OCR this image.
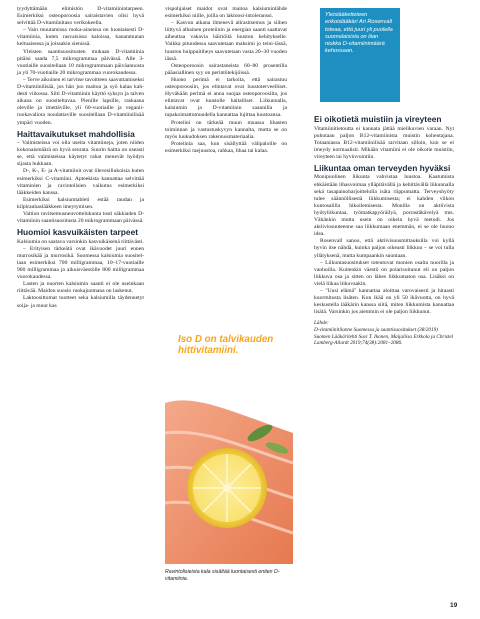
tyydyttämään elimistön D-vitamiinintarpeen. Esimerkiksi osteoporoosia sairaistavien olisi hyvä selvittää D-vitamiinitaso verikokeella.

– Vain muutamissa ruoka-aineissa on luontaisesti D-vitamiinia, kuten rasvaisissa kaloissa, kananmunan keltuaisessa ja joissakin sienissä.

Yleisten saantisuositusten mukaan D-vitamiinia pitäisi saada 7,5 mikrogrammaa päivässä. Alle 3-vuotiaille suositellaan 10 mikrogrammaan päiväannosta ja yli 70-vuotiaille 20 mikrogrammaa vuorokaudessa.

– Terve aikuinen ei tarvitse tavoitteen saavuttamiseksi D-vitamiinilisää, jos hän juo maitoa ja syö kalaa kahdesti viikossa. Silti D-vitamiinin käyttö syksyn ja talven aikana on suositeltavaa. Pienille lapsille, raskaana oleville ja imettäville, yli 60-vuotiaille ja veganiiruokavaliota noudattaville suositellaan D-vitamiinilisää ympäri vuoden.

Haittavaikutukset mahdollisia

– Valmisteissa voi olla useita vitamiineja, joten niiden kokonaismäärä on hyvä seurata. Suurin haitta on useasti se, että valmisteissa käytetyt rahat menevät hyödyn sijasta hukkaan.

D-, K-, E- ja A-vitamiinit ovat ölevesiliukoisia kuten esimerkiksi C-vitamiini. Apteekista kannattaa selvittää vitaminien ja ravintolisien vaikutus esimerkiksi lääkkeiden kanssa.

Esimerkiksi kalsiumtableti estää raudan ja kilpirauhaslääkkeen imeytymisen.

Valtion ravitsemusneuvottelukunta tosti säkkiaden D-vitamiinin saantisuositusta 20 mikrogrammaan päivässä.

Huomioi kasvuikäisten tarpeet

Kalsiumia on saatava varsinkin kasvuikäisenä riittävästi.

– Erityisen tärkeätä ovat ikävuodet juuri ennen murrosikää ja murrosikä. Suomessa kalsiumia suositellaan esimerkiksi 700 milligrammaa, 10–17-vuotiaille 900 milligrammaa ja aikuisväestölle 800 milligrammaa vuorokaudessa.

Lasten ja nuorten kalsiumin saanti ei ole useinkaan riittävää. Maidon suosio ruokajuomana on laskenut.

Laktoosittomat tuotteet seka kalsiumilla täydennetyt soija- ja muut kas

vispohjaiset maidot ovat maitoa kalsiuminlähde esimerkiksi niille, joilla on laktoosi-intoleranssi.

– Kasvun aikana ilmenevä alirasitsemus ja siihen liittyvä alhainen proteiinin ja energian saanti saattavat aiheuttaa vakavia häiriöitä luuston kehitykselle. Vaikka pituudessa saavutetaan maksimi jo teini-iässä, luuston huippuitiheys saavutetaan vasta 20–30 vuoden iässä.

Osteoporoosin sairastaneista 60–80 prosentilla pääasiallinen syy on perintötekijöissä.

Huono perimä ei tarkoita, että sairastuu osteoporoosiin, jos elintavat ovat luustoterveelliset. Hyväkään perimä ei anna suojaa osteoporoosilta, jos elintavat ovat luustolle haitalliset. Liikunnalla, kalsiumin ja D-vitamiinin saannilla ja tupakoimattomuudella kannattaa lujittaa luustoansa.

Proteiini on tärkeää muun muassa lihasten toiminnan ja vastustuskyvyn kannalta, mutta se on myös luukudoksen rakennusmateriaalia.

Proteiinia saa, kun sisällyttää välipaloille on esimerkiksi raejuustoa, rahkaa, lihaa tai kalaa.

Iso D on talvikauden hittivitamiini.
Ravintolisieista kala sisältää luontaisesti eniten D-vitamiinia.
Yleislääketieteen erikoislääkäri Ari Rosenvall toteaa, että juuri yli puolella suomalaisista on liian niukka D-vitamiinimäärä kehossaan.
Ei oikotietä muistiin ja vireyteen

Vitamiinitietoutta ei kannata jättää mielikuvien varaan. Nyt puhutaan paljon B12-vitamiinista muistin kohentajana. Totaaniassa B12-vitamiinilisää tarvitaan silloin, kun se ei imeydy normaalisti. Mikään vitamiini ei ole oikotie muistiin, vireyteen tai hyvinvointiin.

Liikuntaa oman terveyden hyväksi

Monipuolinen liikunta vahvistaa luustoa. Kaatumista ehkäistään lihasvoimaa ylläpitävällä ja kehittävällä liikunnalla sekä tasapainoharjoittelulla isäta riippumatta. Terveyshyöty tulee säännöllisestä liikkumisesta; ei kahden viikon kuntosalilla hikoilemisesta. Monilla on aktiivista hyötyliikuntaa, työmatkapyöräilyä, porrastäkävelyä tms. Vähänkin mutta usein on oikein hyvä metodi. Jos aktiiviosuuteenne saa liikkumaan enemmän, ei se ole huono idea.

Rosenvall sanoo, että aktiivisuusmittauksilla voi kyllä hyvin itse nähdä, kuinka paljon oikeasti liikkuu – se voi tulla yllätyksenä, mutta kumpaankin suuntaan.

– Liikuntasuositukset toteutuvat monien osalta nuorilla ja vanhoilla. Kuitenkin väestö on polarisoitunut eli on paljon liikkuva osa ja sitten on lähes liikkumaton osa. Lisäksi on vielä liikaa liikuvaakin.

– "Uusi elämä" kannattaa aloittaa varovaisesti ja hitaasti kuormitusta lisäten. Kun ikää on yli 50 ikävuotta, on hyvä keskustella lääkärin kanssa siitä, miten liikkumista kannattaa lisätä. Varsinkin jos aiemmin ei ole paljon liikkunut.

Lähde:

D-vitamiinitilanne Suomessa ja saantisuositukset (38/2019) Suomen Lääkärilehti Suvi T. Ikonen, Maijaliisa Erkkola ja Christel Lamberg-Allardt 2019;74(38):2081–2086.

19
